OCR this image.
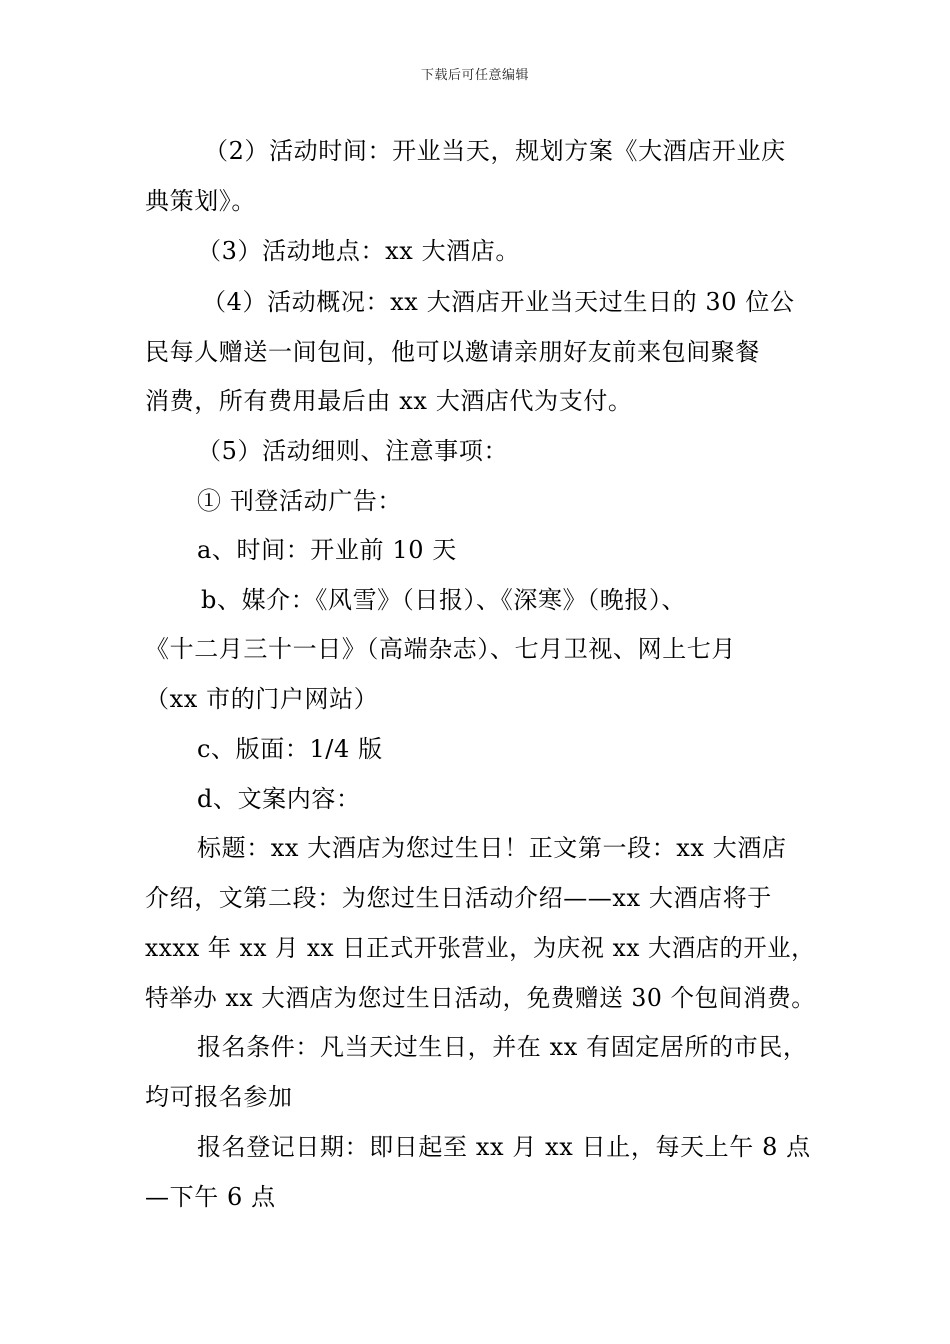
下载后可任意编辑
（2）活动时间：开业当天，规划方案《大酒店开业庆
典策划》。
（3）活动地点：xx 大酒店。
（4）活动概况：xx 大酒店开业当天过生日的 30 位公
民每人赠送一间包间，他可以邀请亲朋好友前来包间聚餐
消费，所有费用最后由 xx 大酒店代为支付。
（5）活动细则、注意事项：
① 刊登活动广告：
a、时间：开业前 10 天
b、媒介：《风雪》（日报）、《深寒》（晚报）、
《十二月三十一日》（高端杂志）、七月卫视、网上七月
（xx 市的门户网站）
c、版面：1/4 版
d、文案内容：
标题：xx 大酒店为您过生日！正文第一段：xx 大酒店
介绍，文第二段：为您过生日活动介绍——xx 大酒店将于
xxxx 年 xx 月 xx 日正式开张营业，为庆祝 xx 大酒店的开业，
特举办 xx 大酒店为您过生日活动，免费赠送 30 个包间消费。
报名条件：凡当天过生日，并在 xx 有固定居所的市民，
均可报名参加
报名登记日期：即日起至 xx 月 xx 日止，每天上午 8 点
—下午 6 点
